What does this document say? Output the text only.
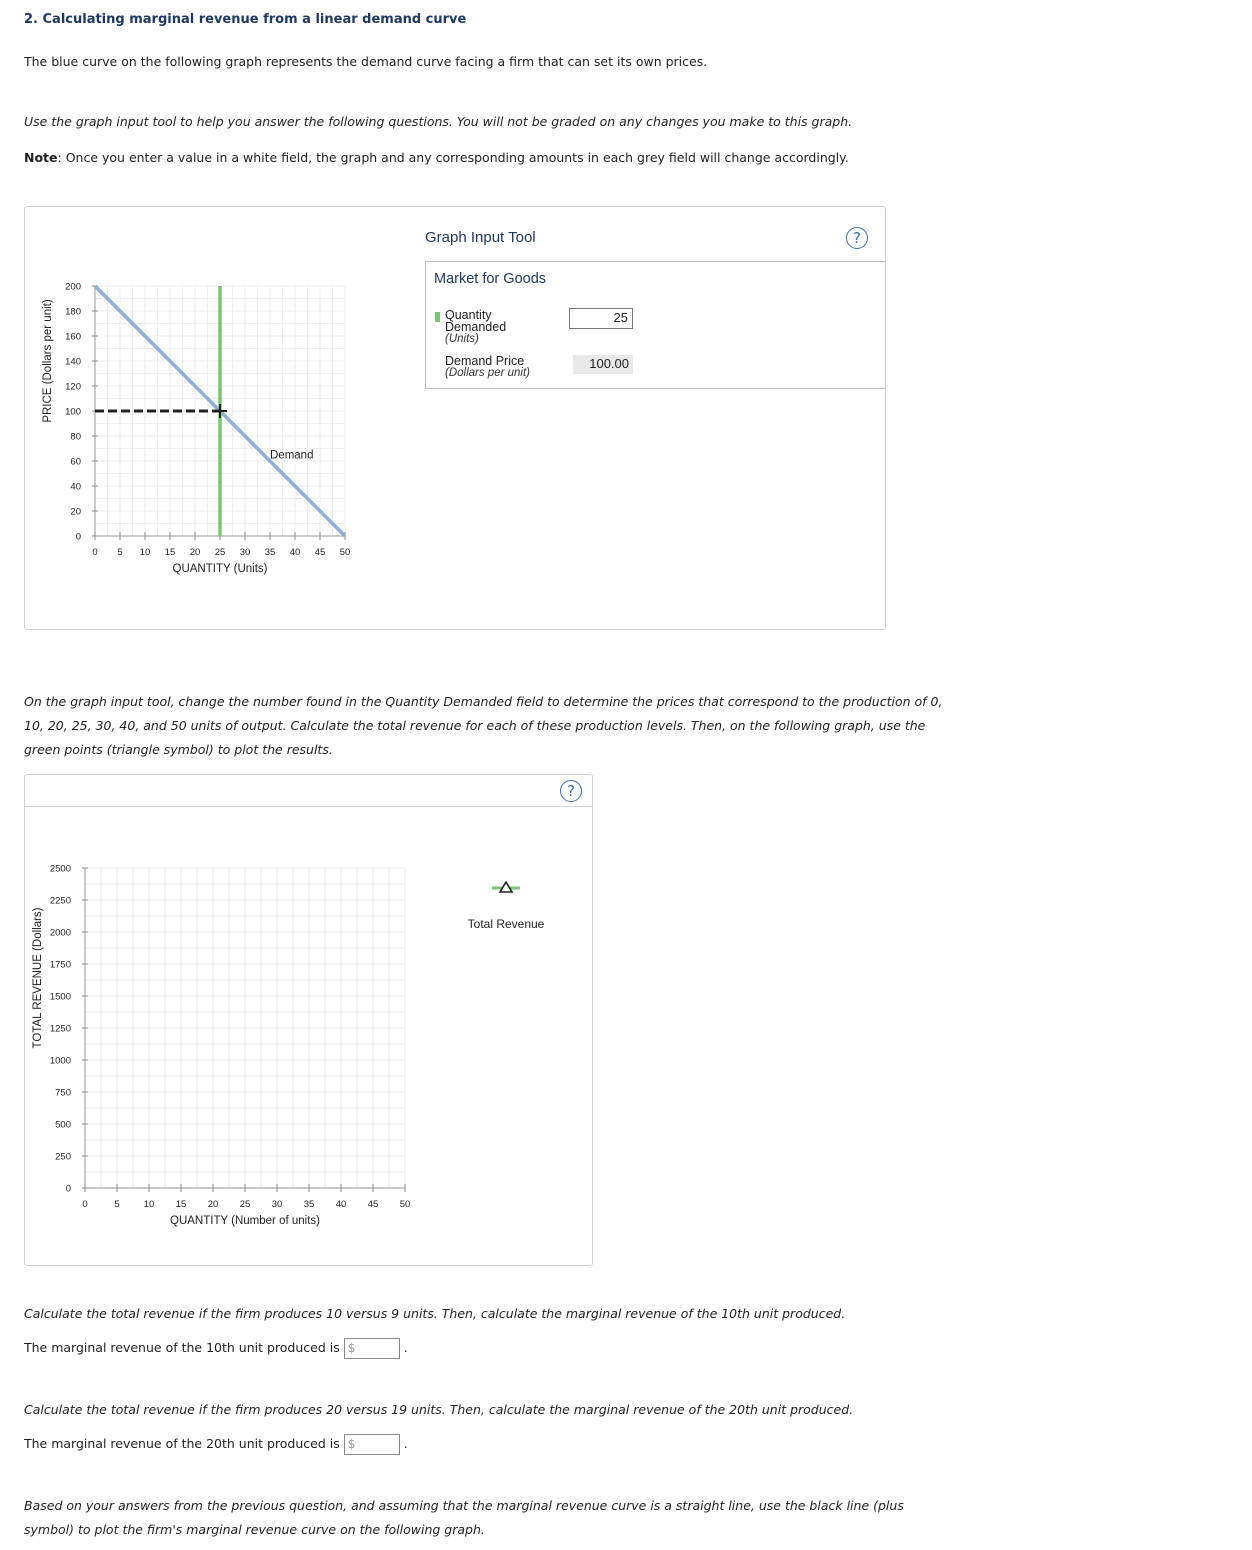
2. Calculating marginal revenue from a linear demand curve
The blue curve on the following graph represents the demand curve facing a firm that can set its own prices.
Use the graph input tool to help you answer the following questions. You will not be graded on any changes you make to this graph.
Note: Once you enter a value in a white field, the graph and any corresponding amounts in each grey field will change accordingly.
0
20
40
60
80
100
120
140
160
180
200
0 5 10 15 20 25 30 35 40 45 50
QUANTITY (Units)
PRICE (Dollars per unit)
Demand
Graph Input Tool	?
Market for Goods
Quantity
Demanded
(Units)
25
Demand Price
(Dollars per unit)
100.00
On the graph input tool, change the number found in the Quantity Demanded field to determine the prices that correspond to the production of 0, 10, 20, 25, 30, 40, and 50 units of output. Calculate the total revenue for each of these production levels. Then, on the following graph, use the green points (triangle symbol) to plot the results.
?
0
250
500
750
1000
1250
1500
1750
2000
2250
2500
0	5	10 15 20 25 30 35 40 45 50
QUANTITY (Number of units)
TOTAL REVENUE (Dollars)	Total Revenue
Calculate the total revenue if the firm produces 10 versus 9 units. Then, calculate the marginal revenue of the 10th unit produced.
The marginal revenue of the 10th unit produced is $	.
Calculate the total revenue if the firm produces 20 versus 19 units. Then, calculate the marginal revenue of the 20th unit produced.
The marginal revenue of the 20th unit produced is $	.
Based on your answers from the previous question, and assuming that the marginal revenue curve is a straight line, use the black line (plus symbol) to plot the firm's marginal revenue curve on the following graph.
